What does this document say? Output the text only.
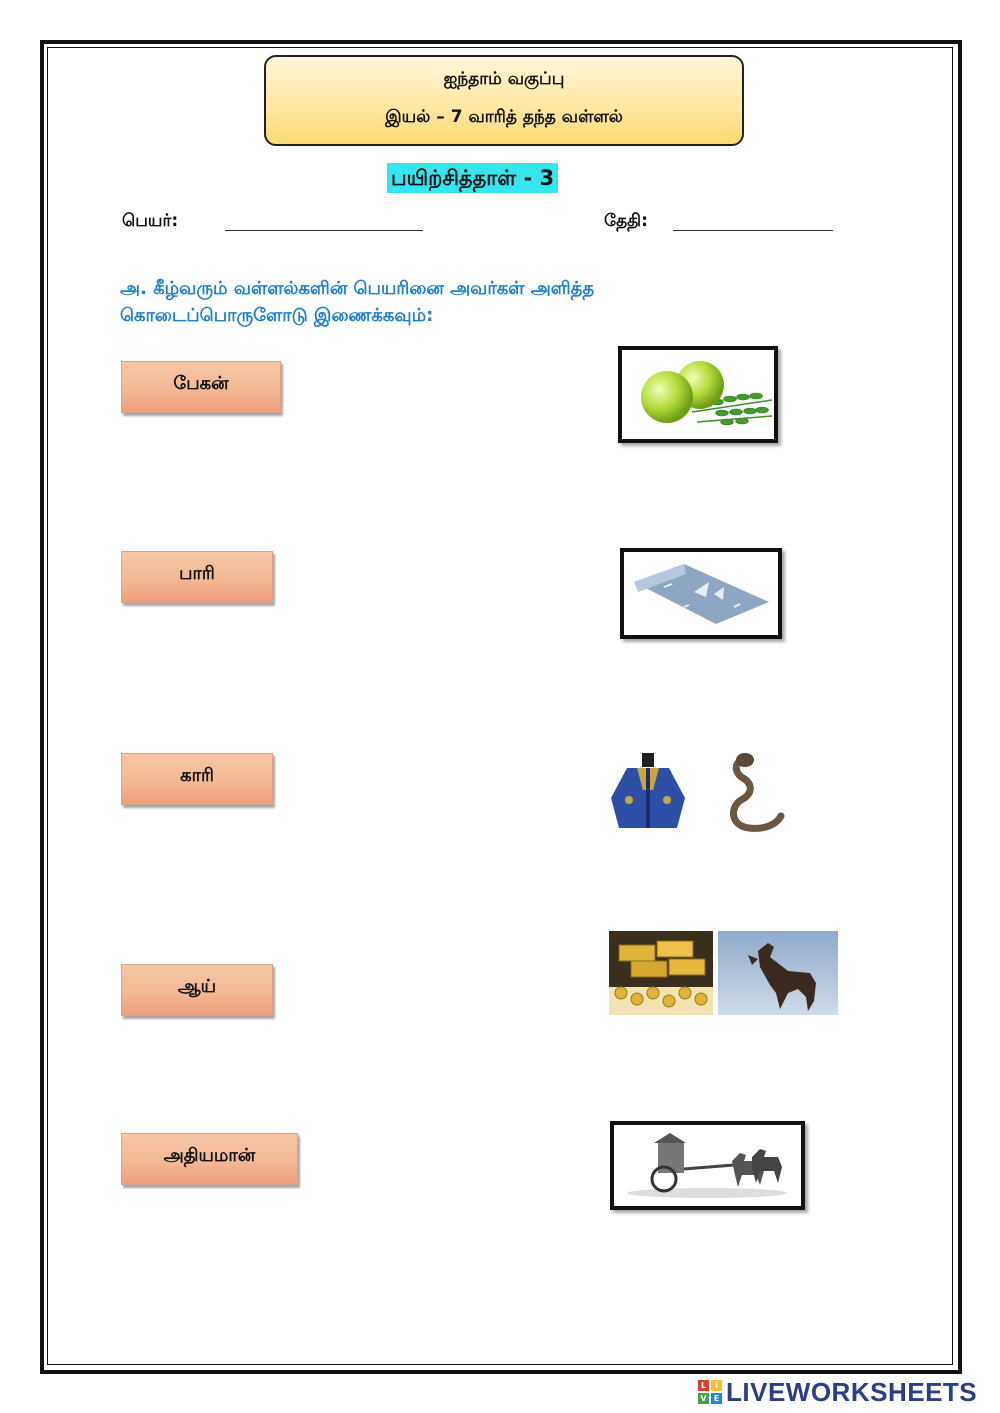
ஐந்தாம் வகுப்பு
இயல் – 7 வாரித் தந்த வள்ளல்
பயிற்சித்தாள் - 3
பெயர்:	தேதி:
அ. கீழ்வரும் வள்ளல்களின் பெயரினை அவர்கள் அளித்த
கொடைப்பொருளோடு இணைக்கவும்:
பேகன்
பாரி
காரி
ஆய்
அதியமான்
L	I
V E LIVEWORKSHEETS
